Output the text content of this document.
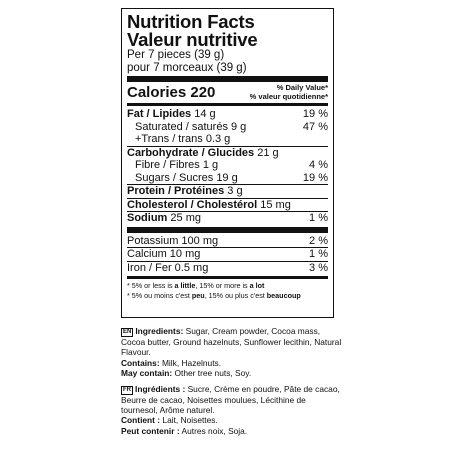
Nutrition Facts
Valeur nutritive
Per 7 pieces (39 g)
pour 7 morceaux (39 g)
Calories 220	% Daily Value*
% valeur quotidienne*
Fat / Lipides 14 g	19 %
Saturated / saturés 9 g	47 %
+Trans / trans 0.3 g
Carbohydrate / Glucides 21 g
Fibre / Fibres 1 g	4 %
Sugars / Sucres 19 g	19 %
Protein / Protéines 3 g
Cholesterol / Cholestérol 15 mg
Sodium 25 mg	1 %
Potassium 100 mg	2 %
Calcium 10 mg	1 %
Iron / Fer 0.5 mg	3 %
* 5% or less is a little, 15% or more is a lot
* 5% ou moins c'est peu, 15% ou plus c'est beaucoup
EN Ingredients: Sugar, Cream powder, Cocoa mass, Cocoa butter, Ground hazelnuts, Sunflower lecithin, Natural Flavour.
Contains: Milk, Hazelnuts.
May contain: Other tree nuts, Soy.
FR Ingrédients : Sucre, Crème en poudre, Pâte de cacao, Beurre de cacao, Noisettes moulues, Lécithine de tournesol, Arôme naturel.
Contient : Lait, Noisettes.
Peut contenir : Autres noix, Soja.
